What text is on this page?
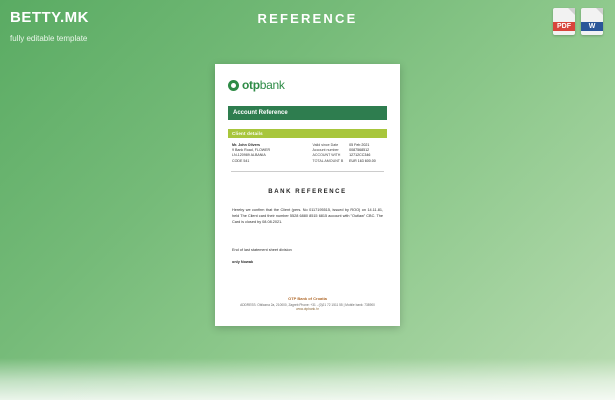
BETTY.MK
fully editable template
REFERENCE
PDF	W
otpbank
Account Reference
Client details
Mr. John Olivers
9 Bank Road, FLOWER
LN-120989 ALBANIA
CODE 541
Valid since Date	05 Feb 2021
Account number	0087568512
ACCOUNT WITH	12712CC346
TOTAL AMOUNT B	EUR 163 600.00
BANK REFERENCE

Hereby we confirm that the Client (pers. No 0117195515, issued by ROO) on 14.11.81, held The Client card their number 5528 6880 8515 6815 account with "Outlaw" CBC. The Card is closed by 08.08.2021.

End of last statement sheet division
only Nowak
OTP Bank of Croatia
ADDRESS: Obilazna 2a, 210000, Zagreb Phone: +31 - (0)21 72 1511 55 | Mobile bank: 738900
www.otpbank.hr
